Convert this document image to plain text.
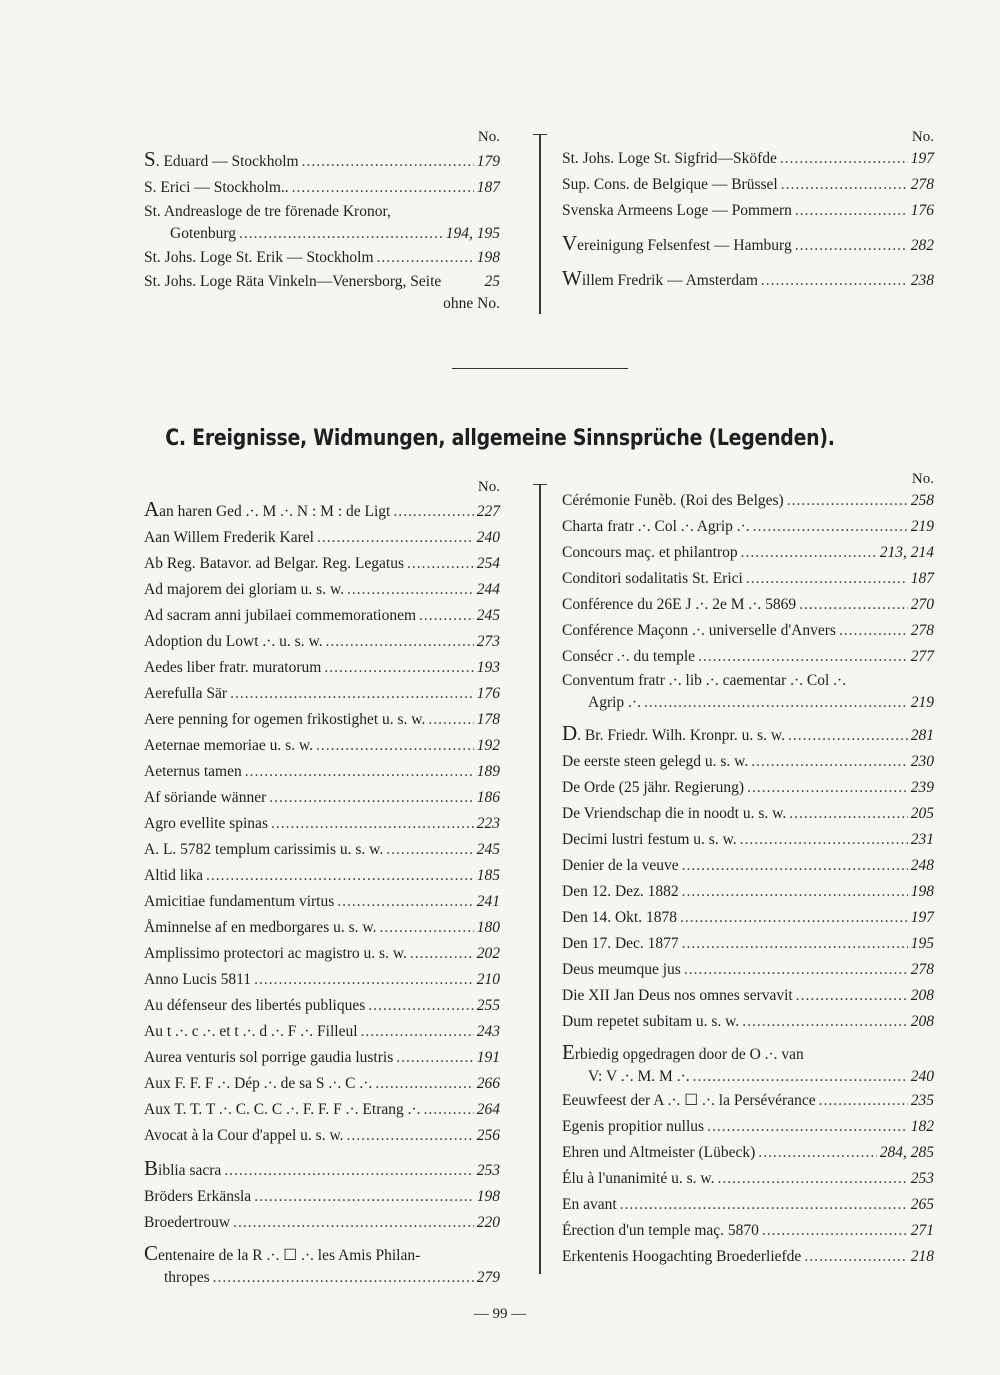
No.
S. Eduard — Stockholm .....	179
S. Erici — Stockholm.. .....	187
St. Andreasloge de tre förenade Kronor,
Gotenburg .....	194, 195
St. Johs. Loge St. Erik — Stockholm .....	198
St. Johs. Loge Räta Vinkeln—Venersborg, Seite	25
ohne No.
No.
St. Johs. Loge St. Sigfrid—Sköfde .....	197
Sup. Cons. de Belgique — Brüssel .....	278
Svenska Armeens Loge — Pommern .....	176
Vereinigung Felsenfest — Hamburg .....	282
Willem Fredrik — Amsterdam .....	238
C. Ereignisse, Widmungen, allgemeine Sinnsprüche (Legenden).
No.
Aan haren Ged .·. M .·. N : M : de Ligt .....	227
Aan Willem Frederik Karel .....	240
Ab Reg. Batavor. ad Belgar. Reg. Legatus .....	254
Ad majorem dei gloriam u. s. w. .....	244
Ad sacram anni jubilaei commemorationem .....	245
Adoption du Lowt .·. u. s. w. .....	273
Aedes liber fratr. muratorum .....	193
Aerefulla Sär .....	176
Aere penning for ogemen frikostighet u. s. w. .....	178
Aeternae memoriae u. s. w. .....	192
Aeternus tamen .....	189
Af söriande wänner .....	186
Agro evellite spinas .....	223
A. L. 5782 templum carissimis u. s. w. .....	245
Altid lika .....	185
Amicitiae fundamentum virtus .....	241
Åminnelse af en medborgares u. s. w. .....	180
Amplissimo protectori ac magistro u. s. w. .....	202
Anno Lucis 5811 .....	210
Au défenseur des libertés publiques .....	255
Au t .·. c .·. et t .·. d .·. F .·. Filleul .....	243
Aurea venturis sol porrige gaudia lustris .....	191
Aux F. F. F .·. Dép .·. de sa S .·. C .·. .....	266
Aux T. T. T .·. C. C. C .·. F. F. F .·. Etrang .·. .....	264
Avocat à la Cour d'appel u. s. w. .....	256
Biblia sacra .....	253
Bröders Erkänsla .....	198
Broedertrouw .....	220
Centenaire de la R .·. ☐ .·. les Amis Philan-
thropes .....	279
No.
Cérémonie Funèb. (Roi des Belges) .....	258
Charta fratr .·. Col .·. Agrip .·. .....	219
Concours maç. et philantrop .....	213, 214
Conditori sodalitatis St. Erici .....	187
Conférence du 26E J .·. 2e M .·. 5869 .....	270
Conférence Maçonn .·. universelle d'Anvers .....	278
Consécr .·. du temple .....	277
Conventum fratr .·. lib .·. caementar .·. Col .·.
Agrip .·. .....	219
D. Br. Friedr. Wilh. Kronpr. u. s. w. .....	281
De eerste steen gelegd u. s. w. .....	230
De Orde (25 jähr. Regierung) .....	239
De Vriendschap die in noodt u. s. w. .....	205
Decimi lustri festum u. s. w. .....	231
Denier de la veuve .....	248
Den 12. Dez. 1882 .....	198
Den 14. Okt. 1878 .....	197
Den 17. Dec. 1877 .....	195
Deus meumque jus .....	278
Die XII Jan Deus nos omnes servavit .....	208
Dum repetet subitam u. s. w. .....	208
Erbiedig opgedragen door de O .·. van
V: V .·. M. M .·. .....	240
Eeuwfeest der A .·. ☐ .·. la Persévérance .....	235
Egenis propitior nullus .....	182
Ehren und Altmeister (Lübeck) .....	284, 285
Élu à l'unanimité u. s. w. .....	253
En avant .....	265
Érection d'un temple maç. 5870 .....	271
Erkentenis Hoogachting Broederliefde .....	218
— 99 —
